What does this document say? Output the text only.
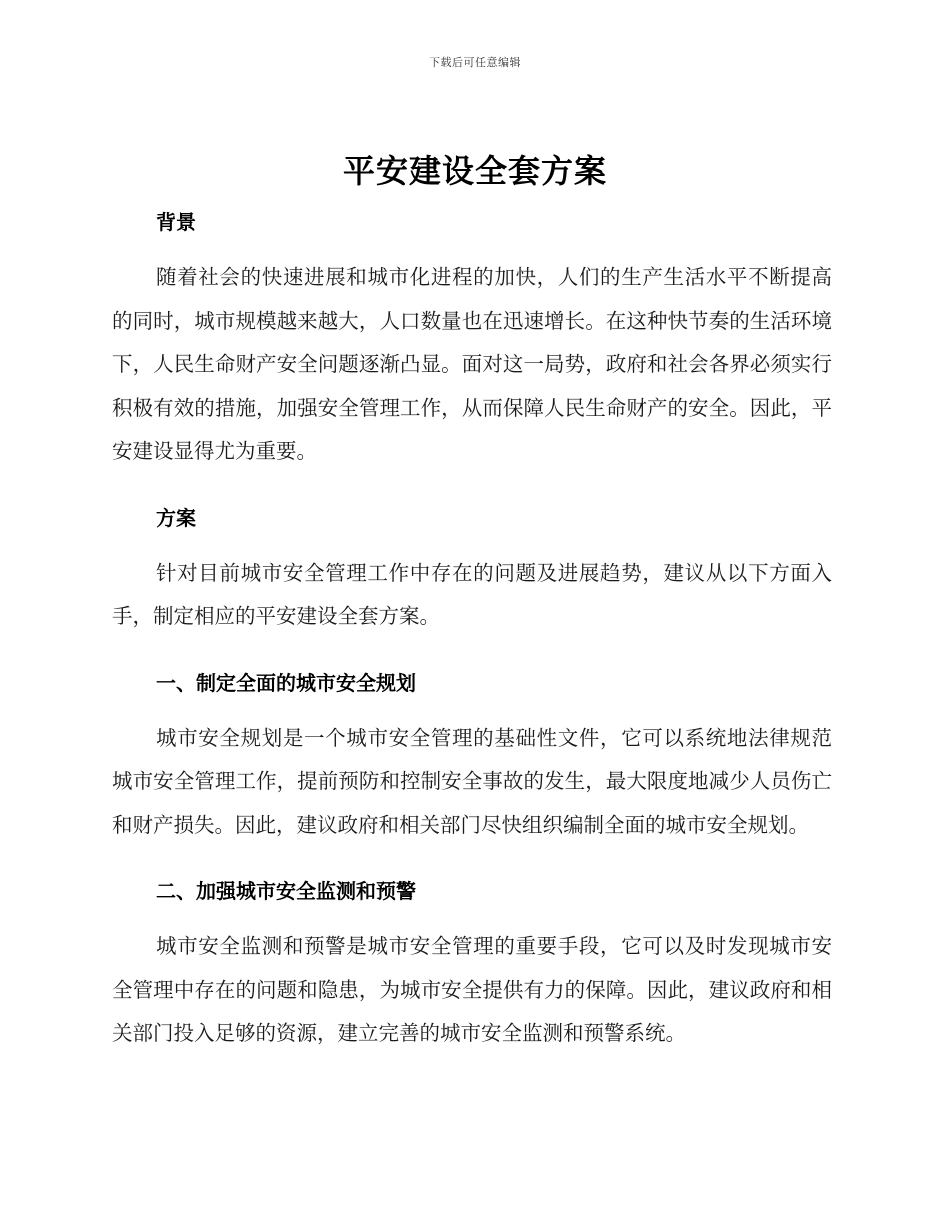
下载后可任意编辑
平安建设全套方案
背景

随着社会的快速进展和城市化进程的加快，人们的生产生活水平不断提高的同时，城市规模越来越大，人口数量也在迅速增长。在这种快节奏的生活环境下，人民生命财产安全问题逐渐凸显。面对这一局势，政府和社会各界必须实行积极有效的措施，加强安全管理工作，从而保障人民生命财产的安全。因此，平安建设显得尤为重要。

方案

针对目前城市安全管理工作中存在的问题及进展趋势，建议从以下方面入手，制定相应的平安建设全套方案。

一、制定全面的城市安全规划

城市安全规划是一个城市安全管理的基础性文件，它可以系统地法律规范城市安全管理工作，提前预防和控制安全事故的发生，最大限度地减少人员伤亡和财产损失。因此，建议政府和相关部门尽快组织编制全面的城市安全规划。

二、加强城市安全监测和预警

城市安全监测和预警是城市安全管理的重要手段，它可以及时发现城市安全管理中存在的问题和隐患，为城市安全提供有力的保障。因此，建议政府和相关部门投入足够的资源，建立完善的城市安全监测和预警系统。
